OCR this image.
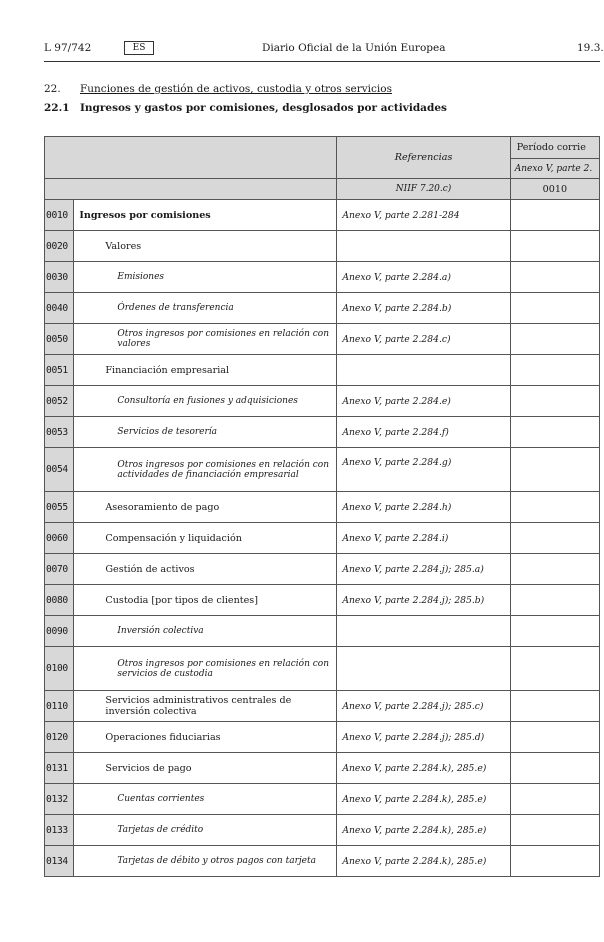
L 97/742	ES	Diario Oficial de la Unión Europea	19.3.
22. Funciones de gestión de activos, custodia y otros servicios
22.1 Ingresos y gastos por comisiones, desglosados por actividades
		Referencias	Período corrie
			Anexo V, parte 2.
		NIIF 7.20.c)	0010
0010	Ingresos por comisiones	Anexo V, parte 2.281-284	
0020	Valores		
0030	Emisiones	Anexo V, parte 2.284.a)	
0040	Órdenes de transferencia	Anexo V, parte 2.284.b)	
0050	Otros ingresos por comisiones en relación con valores	Anexo V, parte 2.284.c)	
0051	Financiación empresarial		
0052	Consultoría en fusiones y adquisiciones	Anexo V, parte 2.284.e)	
0053	Servicios de tesorería	Anexo V, parte 2.284.f)	
0054	Otros ingresos por comisiones en relación con actividades de financiación empresarial	Anexo V, parte 2.284.g)	
0055	Asesoramiento de pago	Anexo V, parte 2.284.h)	
0060	Compensación y liquidación	Anexo V, parte 2.284.i)	
0070	Gestión de activos	Anexo V, parte 2.284.j); 285.a)	
0080	Custodia [por tipos de clientes]	Anexo V, parte 2.284.j); 285.b)	
0090	Inversión colectiva		
0100	Otros ingresos por comisiones en relación con servicios de custodia		
0110	Servicios administrativos centrales de inversión colectiva	Anexo V, parte 2.284.j); 285.c)	
0120	Operaciones fiduciarias	Anexo V, parte 2.284.j); 285.d)	
0131	Servicios de pago	Anexo V, parte 2.284.k), 285.e)	
0132	Cuentas corrientes	Anexo V, parte 2.284.k), 285.e)	
0133	Tarjetas de crédito	Anexo V, parte 2.284.k), 285.e)	
0134	Tarjetas de débito y otros pagos con tarjeta	Anexo V, parte 2.284.k), 285.e)	
